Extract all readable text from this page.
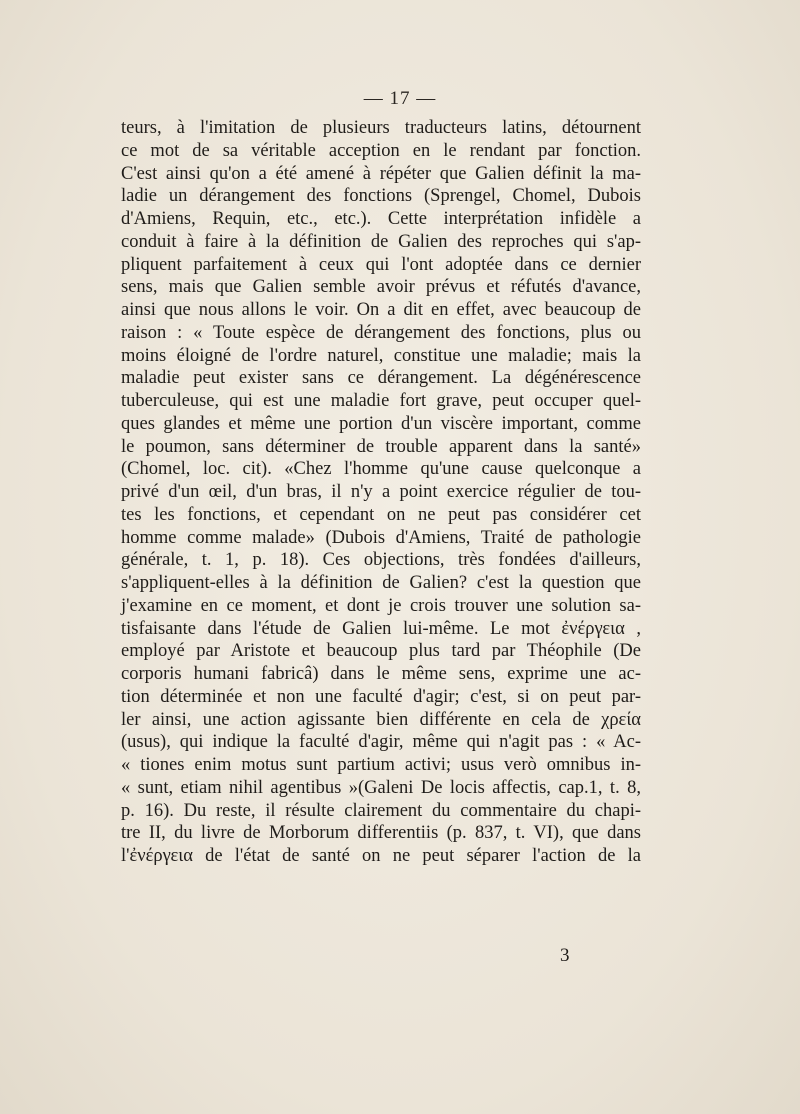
— 17 —
teurs, à l'imitation de plusieurs traducteurs latins, détournent
ce mot de sa véritable acception en le rendant par fonction.
C'est ainsi qu'on a été amené à répéter que Galien définit la ma-
ladie un dérangement des fonctions (Sprengel, Chomel, Dubois
d'Amiens, Requin, etc., etc.). Cette interprétation infidèle a
conduit à faire à la définition de Galien des reproches qui s'ap-
pliquent parfaitement à ceux qui l'ont adoptée dans ce dernier
sens, mais que Galien semble avoir prévus et réfutés d'avance,
ainsi que nous allons le voir. On a dit en effet, avec beaucoup de
raison : « Toute espèce de dérangement des fonctions, plus ou
moins éloigné de l'ordre naturel, constitue une maladie; mais la
maladie peut exister sans ce dérangement. La dégénérescence
tuberculeuse, qui est une maladie fort grave, peut occuper quel-
ques glandes et même une portion d'un viscère important, comme
le poumon, sans déterminer de trouble apparent dans la santé»
(Chomel, loc. cit). «Chez l'homme qu'une cause quelconque a
privé d'un œil, d'un bras, il n'y a point exercice régulier de tou-
tes les fonctions, et cependant on ne peut pas considérer cet
homme comme malade» (Dubois d'Amiens, Traité de pathologie
générale, t. 1, p. 18). Ces objections, très fondées d'ailleurs,
s'appliquent-elles à la définition de Galien? c'est la question que
j'examine en ce moment, et dont je crois trouver une solution sa-
tisfaisante dans l'étude de Galien lui-même. Le mot ἐνέργεια ,
employé par Aristote et beaucoup plus tard par Théophile (De
corporis humani fabricâ) dans le même sens, exprime une ac-
tion déterminée et non une faculté d'agir; c'est, si on peut par-
ler ainsi, une action agissante bien différente en cela de χρεία
(usus), qui indique la faculté d'agir, même qui n'agit pas : « Ac-
« tiones enim motus sunt partium activi; usus verò omnibus in-
« sunt, etiam nihil agentibus »(Galeni De locis affectis, cap.1, t. 8,
p. 16). Du reste, il résulte clairement du commentaire du chapi-
tre II, du livre de Morborum differentiis (p. 837, t. VI), que dans
l'ἐνέργεια de l'état de santé on ne peut séparer l'action de la
3
